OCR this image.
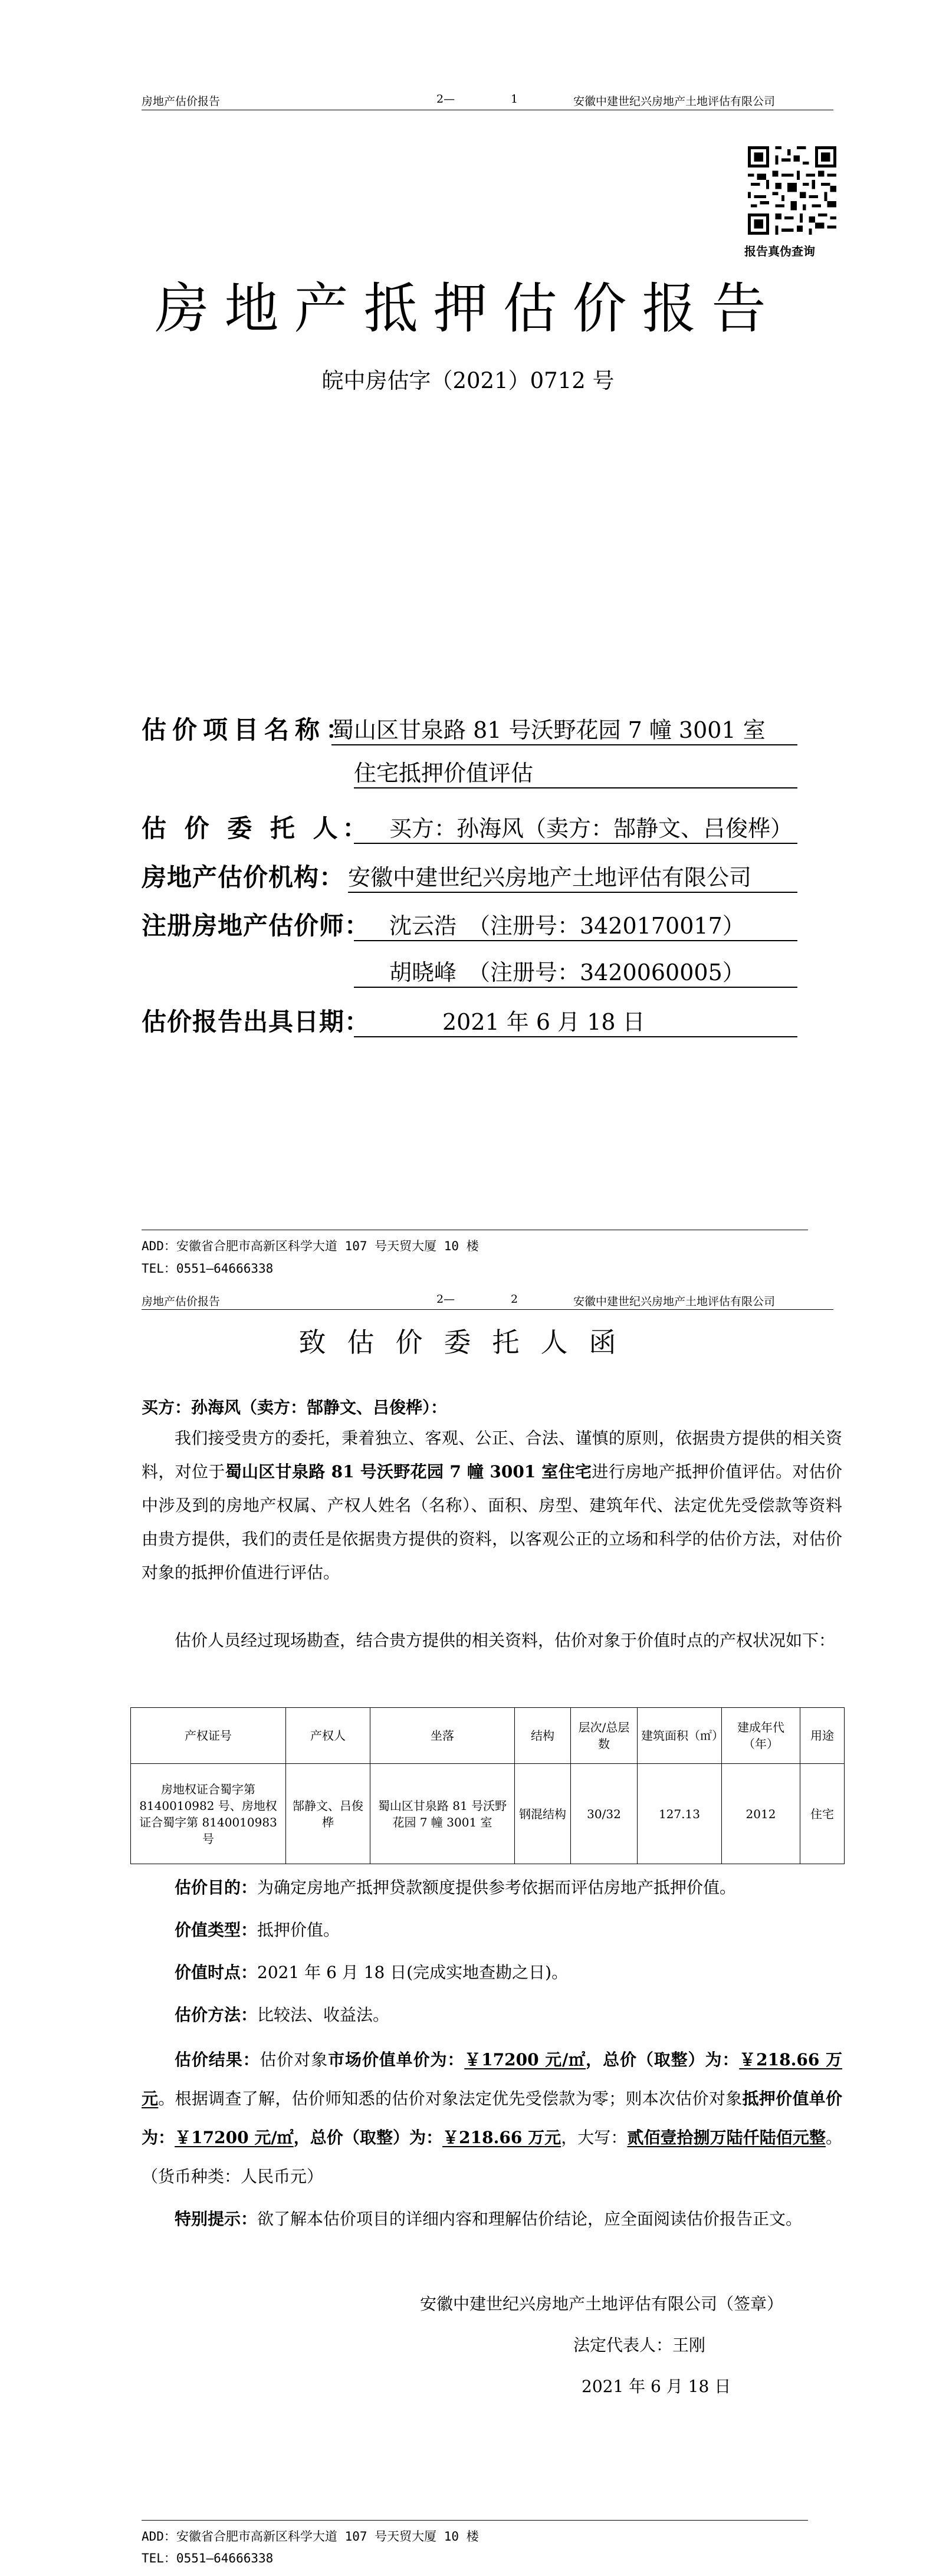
房地产估价报告	2—	1	安徽中建世纪兴房地产土地评估有限公司
报告真伪查询
房地产抵押估价报告
皖中房估字（2021）0712 号
估价项目名称：
蜀山区甘泉路 81 号沃野花园 7 幢 3001 室
住宅抵押价值评估
估 价 委 托 人： 买方：孙海风（卖方：郜静文、吕俊桦）
房地产估价机构： 安徽中建世纪兴房地产土地评估有限公司
注册房地产估价师： 沈云浩　（注册号：3420170017）
胡晓峰　（注册号：3420060005）
估价报告出具日期：	2021 年 6 月 18 日
ADD：安徽省合肥市高新区科学大道 107 号天贸大厦 10 楼
TEL：0551—64666338
房地产估价报告	2—	2	安徽中建世纪兴房地产土地评估有限公司
致估价委托人函
买方：孙海风（卖方：郜静文、吕俊桦）：
我们接受贵方的委托，秉着独立、客观、公正、合法、谨慎的原则，依据贵方提供的相关资料，对位于蜀山区甘泉路 81 号沃野花园 7 幢 3001 室住宅进行房地产抵押价值评估。对估价中涉及到的房地产权属、产权人姓名（名称）、面积、房型、建筑年代、法定优先受偿款等资料由贵方提供，我们的责任是依据贵方提供的资料，以客观公正的立场和科学的估价方法，对估价对象的抵押价值进行评估。
估价人员经过现场勘查，结合贵方提供的相关资料，估价对象于价值时点的产权状况如下：
产权证号	产权人	坐落	结构	层次/总层数	建筑面积（㎡）	建成年代（年）	用途
房地权证合蜀字第 8140010982 号、房地权证合蜀字第 8140010983 号	郜静文、吕俊桦	蜀山区甘泉路 81 号沃野花园 7 幢 3001 室	钢混结构	30/32	127.13	2012	住宅
估价目的：为确定房地产抵押贷款额度提供参考依据而评估房地产抵押价值。
价值类型：抵押价值。
价值时点：2021 年 6 月 18 日(完成实地查勘之日)。
估价方法：比较法、收益法。
估价结果：估价对象市场价值单价为：￥17200 元/㎡，总价（取整）为：￥218.66 万元。根据调查了解，估价师知悉的估价对象法定优先受偿款为零；则本次估价对象抵押价值单价为：￥17200 元/㎡，总价（取整）为：￥218.66 万元，大写：贰佰壹拾捌万陆仟陆佰元整。（货币种类：人民币元）
特别提示：欲了解本估价项目的详细内容和理解估价结论，应全面阅读估价报告正文。
安徽中建世纪兴房地产土地评估有限公司（签章）
法定代表人：王刚
2021 年 6 月 18 日
ADD：安徽省合肥市高新区科学大道 107 号天贸大厦 10 楼
TEL：0551—64666338
